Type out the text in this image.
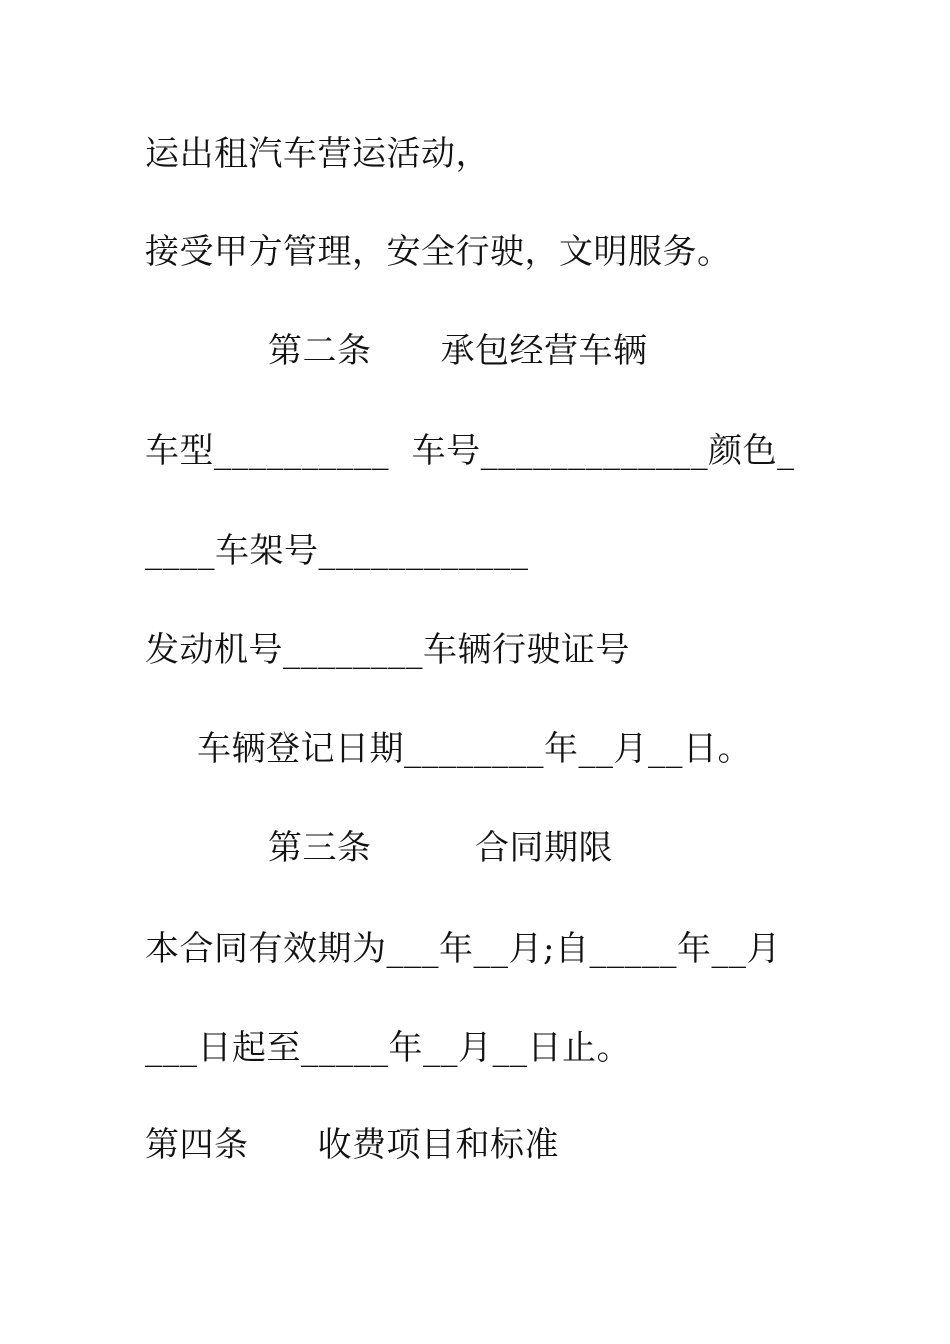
运出租汽车营运活动，
接受甲方管理，安全行驶，文明服务。
第二条　　承包经营车辆
车型__________  车号_____________颜色_
____车架号____________
发动机号________车辆行驶证号
车辆登记日期________年__月__日。
第三条　　　合同期限
本合同有效期为___年__月;自_____年__月
___日起至_____年__月__日止。
第四条　　收费项目和标准
